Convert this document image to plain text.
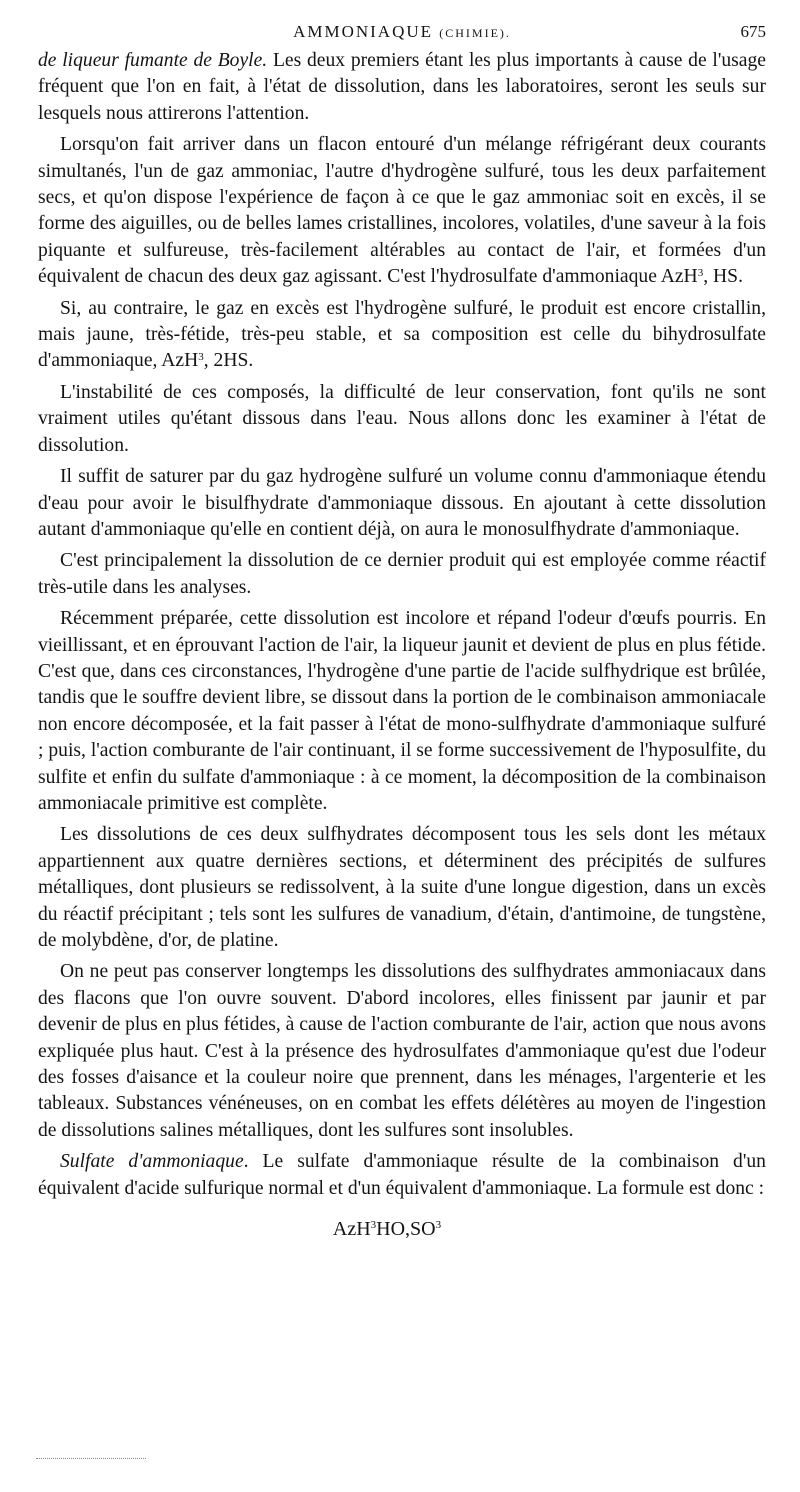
AMMONIAQUE (CHIMIE).	675

de liqueur fumante de Boyle. Les deux premiers étant les plus importants à cause de l'usage fréquent que l'on en fait, à l'état de dissolution, dans les laboratoires, seront les seuls sur lesquels nous attirerons l'attention.

Lorsqu'on fait arriver dans un flacon entouré d'un mélange réfrigérant deux courants simultanés, l'un de gaz ammoniac, l'autre d'hydrogène sulfuré, tous les deux parfaitement secs, et qu'on dispose l'expérience de façon à ce que le gaz ammoniac soit en excès, il se forme des aiguilles, ou de belles lames cristallines, incolores, volatiles, d'une saveur à la fois piquante et sulfureuse, très-facilement altérables au contact de l'air, et formées d'un équivalent de chacun des deux gaz agissant. C'est l'hydrosulfate d'ammoniaque AzH$^3$, HS.

Si, au contraire, le gaz en excès est l'hydrogène sulfuré, le produit est encore cristallin, mais jaune, très-fétide, très-peu stable, et sa composition est celle du bihydrosulfate d'ammoniaque, AzH$^3$, 2HS.

L'instabilité de ces composés, la difficulté de leur conservation, font qu'ils ne sont vraiment utiles qu'étant dissous dans l'eau. Nous allons donc les examiner à l'état de dissolution.

Il suffit de saturer par du gaz hydrogène sulfuré un volume connu d'ammoniaque étendu d'eau pour avoir le bisulfhydrate d'ammoniaque dissous. En ajoutant à cette dissolution autant d'ammoniaque qu'elle en contient déjà, on aura le monosulfhydrate d'ammoniaque.

C'est principalement la dissolution de ce dernier produit qui est employée comme réactif très-utile dans les analyses.

Récemment préparée, cette dissolution est incolore et répand l'odeur d'œufs pourris. En vieillissant, et en éprouvant l'action de l'air, la liqueur jaunit et devient de plus en plus fétide. C'est que, dans ces circonstances, l'hydrogène d'une partie de l'acide sulfhydrique est brûlée, tandis que le souffre devient libre, se dissout dans la portion de le combinaison ammoniacale non encore décomposée, et la fait passer à l'état de mono-sulfhydrate d'ammoniaque sulfuré ; puis, l'action comburante de l'air continuant, il se forme successivement de l'hyposulfite, du sulfite et enfin du sulfate d'ammoniaque : à ce moment, la décomposition de la combinaison ammoniacale primitive est complète.

Les dissolutions de ces deux sulfhydrates décomposent tous les sels dont les métaux appartiennent aux quatre dernières sections, et déterminent des précipités de sulfures métalliques, dont plusieurs se redissolvent, à la suite d'une longue digestion, dans un excès du réactif précipitant ; tels sont les sulfures de vanadium, d'étain, d'antimoine, de tungstène, de molybdène, d'or, de platine.

On ne peut pas conserver longtemps les dissolutions des sulfhydrates ammoniacaux dans des flacons que l'on ouvre souvent. D'abord incolores, elles finissent par jaunir et par devenir de plus en plus fétides, à cause de l'action comburante de l'air, action que nous avons expliquée plus haut. C'est à la présence des hydrosulfates d'ammoniaque qu'est due l'odeur des fosses d'aisance et la couleur noire que prennent, dans les ménages, l'argenterie et les tableaux. Substances vénéneuses, on en combat les effets délétères au moyen de l'ingestion de dissolutions salines métalliques, dont les sulfures sont insolubles.

Sulfate d'ammoniaque. Le sulfate d'ammoniaque résulte de la combinaison d'un équivalent d'acide sulfurique normal et d'un équivalent d'ammoniaque. La formule est donc :

$AzH^3HO,SO^3$
